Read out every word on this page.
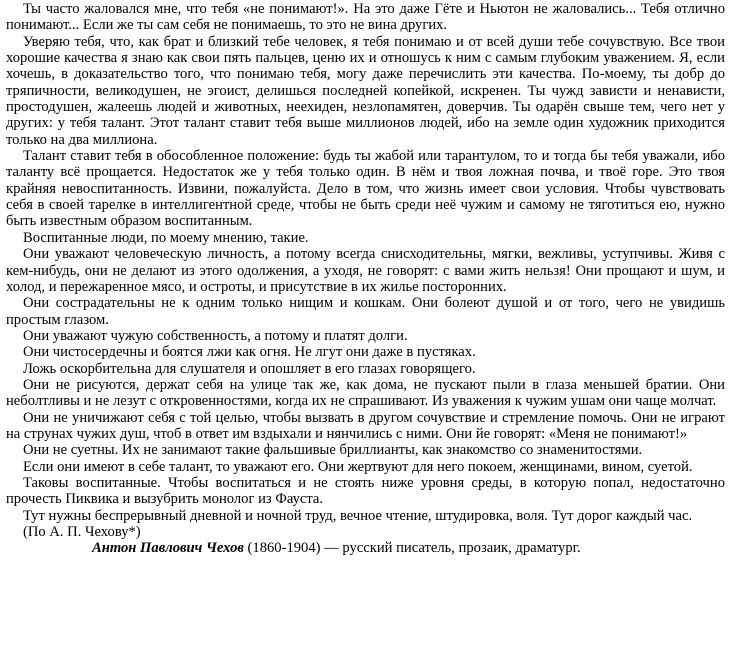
Ты часто жаловался мне, что тебя «не понимают!». На это даже Гёте и Ньютон не жаловались... Тебя отлично понимают... Если же ты сам себя не понимаешь, то это не вина других.

Уверяю тебя, что, как брат и близкий тебе человек, я тебя понимаю и от всей души тебе сочувствую. Все твои хорошие качества я знаю как свои пять пальцев, ценю их и отношусь к ним с самым глубоким уважением. Я, если хочешь, в доказательство того, что понимаю тебя, могу даже перечислить эти качества. По-моему, ты добр до тряпичности, великодушен, не эгоист, делишься последней копейкой, искренен. Ты чужд зависти и ненависти, простодушен, жалеешь людей и животных, неехиден, незлопамятен, доверчив. Ты одарён свыше тем, чего нет у других: у тебя талант. Этот талант ставит тебя выше миллионов людей, ибо на земле один художник приходится только на два миллиона.

Талант ставит тебя в обособленное положение: будь ты жабой или тарантулом, то и тогда бы тебя уважали, ибо таланту всё прощается. Недостаток же у тебя только один. В нём и твоя ложная почва, и твоё горе. Это твоя крайняя невоспитанность. Извини, пожалуйста. Дело в том, что жизнь имеет свои условия. Чтобы чувствовать себя в своей тарелке в интеллигентной среде, чтобы не быть среди неё чужим и самому не тяготиться ею, нужно быть известным образом воспитанным.

Воспитанные люди, по моему мнению, такие.

Они уважают человеческую личность, а потому всегда снисходительны, мягки, вежливы, уступчивы. Живя с кем-нибудь, они не делают из этого одолжения, а уходя, не говорят: с вами жить нельзя! Они прощают и шум, и холод, и пережаренное мясо, и остроты, и присутствие в их жилье посторонних.

Они сострадательны не к одним только нищим и кошкам. Они болеют душой и от того, чего не увидишь простым глазом.

Они уважают чужую собственность, а потому и платят долги.

Они чистосердечны и боятся лжи как огня. Не лгут они даже в пустяках.

Ложь оскорбительна для слушателя и опошляет в его глазах говорящего.

Они не рисуются, держат себя на улице так же, как дома, не пускают пыли в глаза меньшей братии. Они неболтливы и не лезут с откровенностями, когда их не спрашивают. Из уважения к чужим ушам они чаще молчат.

Они не уничижают себя с той целью, чтобы вызвать в другом сочувствие и стремление помочь. Они не играют на струнах чужих душ, чтоб в ответ им вздыхали и нянчились с ними. Они йе говорят: «Меня не понимают!»

Они не суетны. Их не занимают такие фальшивые бриллианты, как знакомство со знаменитостями.

Если они имеют в себе талант, то уважают его. Они жертвуют для него покоем, женщинами, вином, суетой.

Таковы воспитанные. Чтобы воспитаться и не стоять ниже уровня среды, в которую попал, недостаточно прочесть Пиквика и вызубрить монолог из Фауста.

Тут нужны беспрерывный дневной и ночной труд, вечное чтение, штудировка, воля. Тут дорог каждый час.

(По А. П. Чехову*)

Антон Павлович Чехов (1860-1904) — русский писатель, прозаик, драматург.
